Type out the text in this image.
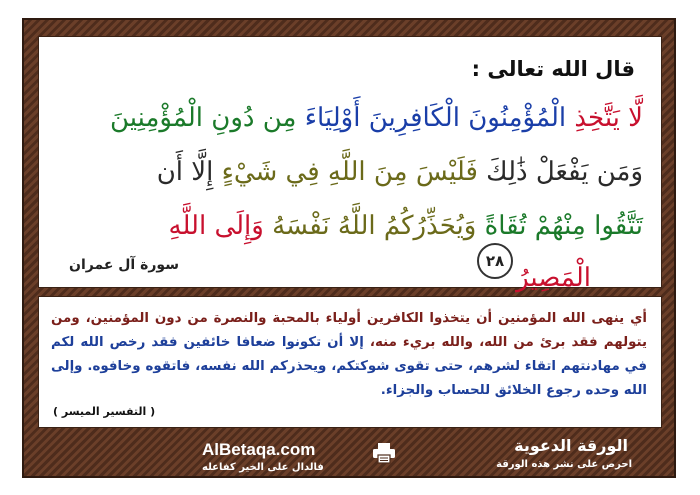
قال الله تعالى :
لَّا يَتَّخِذِ الْمُؤْمِنُونَ الْكَافِرِينَ أَوْلِيَاءَ مِن دُونِ الْمُؤْمِنِينَ
وَمَن يَفْعَلْ ذَٰلِكَ فَلَيْسَ مِنَ اللَّهِ فِي شَيْءٍ إِلَّا أَن
تَتَّقُوا مِنْهُمْ تُقَاةً وَيُحَذِّرُكُمُ اللَّهُ نَفْسَهُ وَإِلَى اللَّهِ
الْمَصِيرُ
٢٨
سورة آل عمران
أي ينهى الله المؤمنين أن يتخذوا الكافرين أولياء بالمحبة والنصرة من دون المؤمنين، ومن يتولهم فقد برئ من الله، والله بريء منه، إلا أن تكونوا ضعافا خائفين فقد رخص الله لكم في مهادنتهم اتقاء لشرهم، حتى تقوى شوكتكم، ويحذركم الله نفسه، فاتقوه وخافوه. وإلى الله وحده رجوع الخلائق للحساب والجزاء.
( التفسير الميسر )
AlBetaqa.com
فالدال على الخير كفاعله
الورقة الدعوية
احرص على نشر هذه الورقة
